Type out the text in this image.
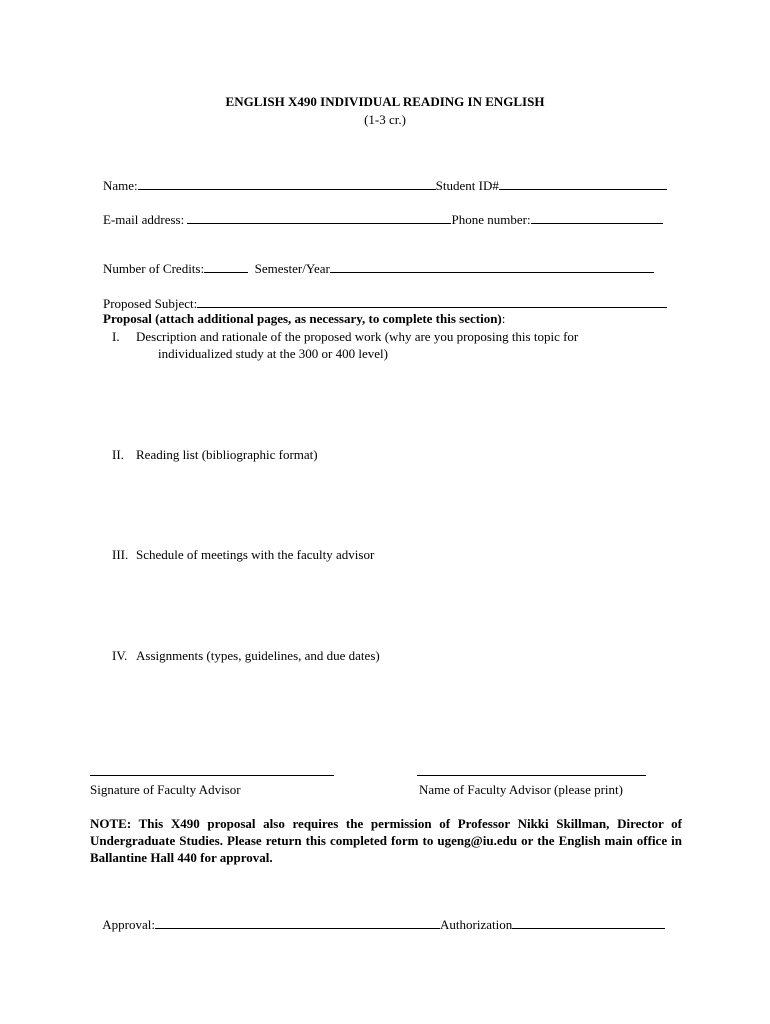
ENGLISH X490 INDIVIDUAL READING IN ENGLISH
(1-3 cr.)

Name:	Student ID#

E-mail address:	Phone number:

Number of Credits:	Semester/Year

Proposed Subject:

Proposal (attach additional pages, as necessary, to complete this section):

I. Description and rationale of the proposed work (why are you proposing this topic for
individualized study at the 300 or 400 level)
II. Reading list (bibliographic format)
III. Schedule of meetings with the faculty advisor
IV. Assignments (types, guidelines, and due dates)
Signature of Faculty Advisor	Name of Faculty Advisor (please print)
NOTE: This X490 proposal also requires the permission of Professor Nikki Skillman, Director of Undergraduate Studies. Please return this completed form to ugeng@iu.edu or the English main office in Ballantine Hall 440 for approval.

Approval:	Authorization
